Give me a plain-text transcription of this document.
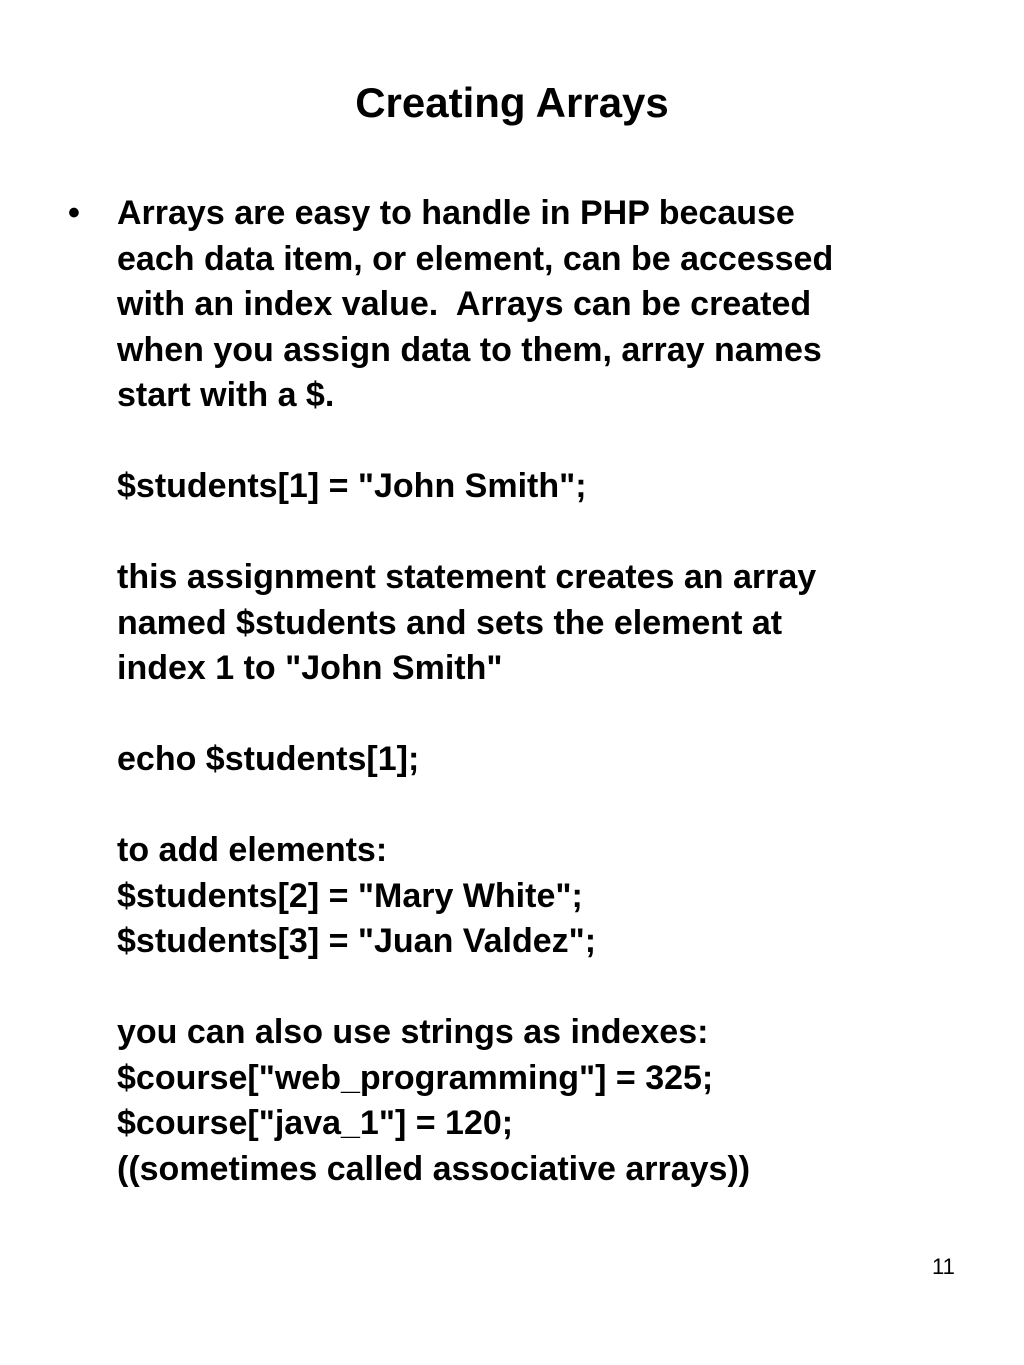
Creating Arrays
• Arrays are easy to handle in PHP because
each data item, or element, can be accessed
with an index value.  Arrays can be created
when you assign data to them, array names
start with a $.
$students[1] = "John Smith";
this assignment statement creates an array
named $students and sets the element at
index 1 to "John Smith"
echo $students[1];
to add elements:
$students[2] = "Mary White";
$students[3] = "Juan Valdez";
you can also use strings as indexes:
$course["web_programming"] = 325;
$course["java_1"] = 120;
((sometimes called associative arrays))
11
